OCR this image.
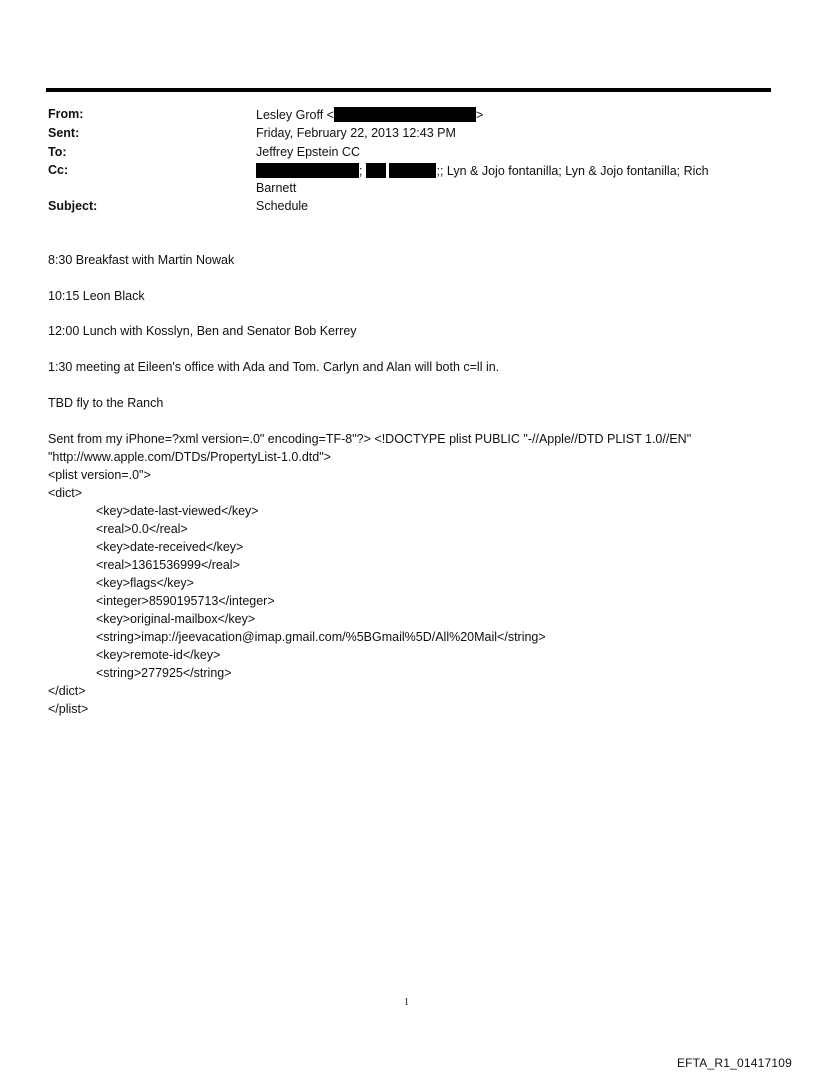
From:
Sent:
To:
Cc:
Subject:
Lesley Groff <	>
Friday, February 22, 2013 12:43 PM
Jeffrey Epstein CC
;	;; Lyn & Jojo fontanilla; Lyn & Jojo fontanilla; Rich
Barnett
Schedule
8:30 Breakfast with Martin Nowak
10:15 Leon Black
12:00 Lunch with Kosslyn, Ben and Senator Bob Kerrey
1:30 meeting at Eileen's office with Ada and Tom. Carlyn and Alan will both c=ll in.
TBD fly to the Ranch
Sent from my iPhone=?xml version=.0" encoding=TF-8"?> <!DOCTYPE plist PUBLIC "-//Apple//DTD PLIST 1.0//EN"
"http://www.apple.com/DTDs/PropertyList-1.0.dtd">
<plist version=.0">
<dict>
<key>date-last-viewed</key>
<real>0.0</real>
<key>date-received</key>
<real>1361536999</real>
<key>flags</key>
<integer>8590195713</integer>
<key>original-mailbox</key>
<string>imap://jeevacation@imap.gmail.com/%5BGmail%5D/All%20Mail</string>
<key>remote-id</key>
<string>277925</string>
</dict>
</plist>
1
EFTA_R1_01417109
